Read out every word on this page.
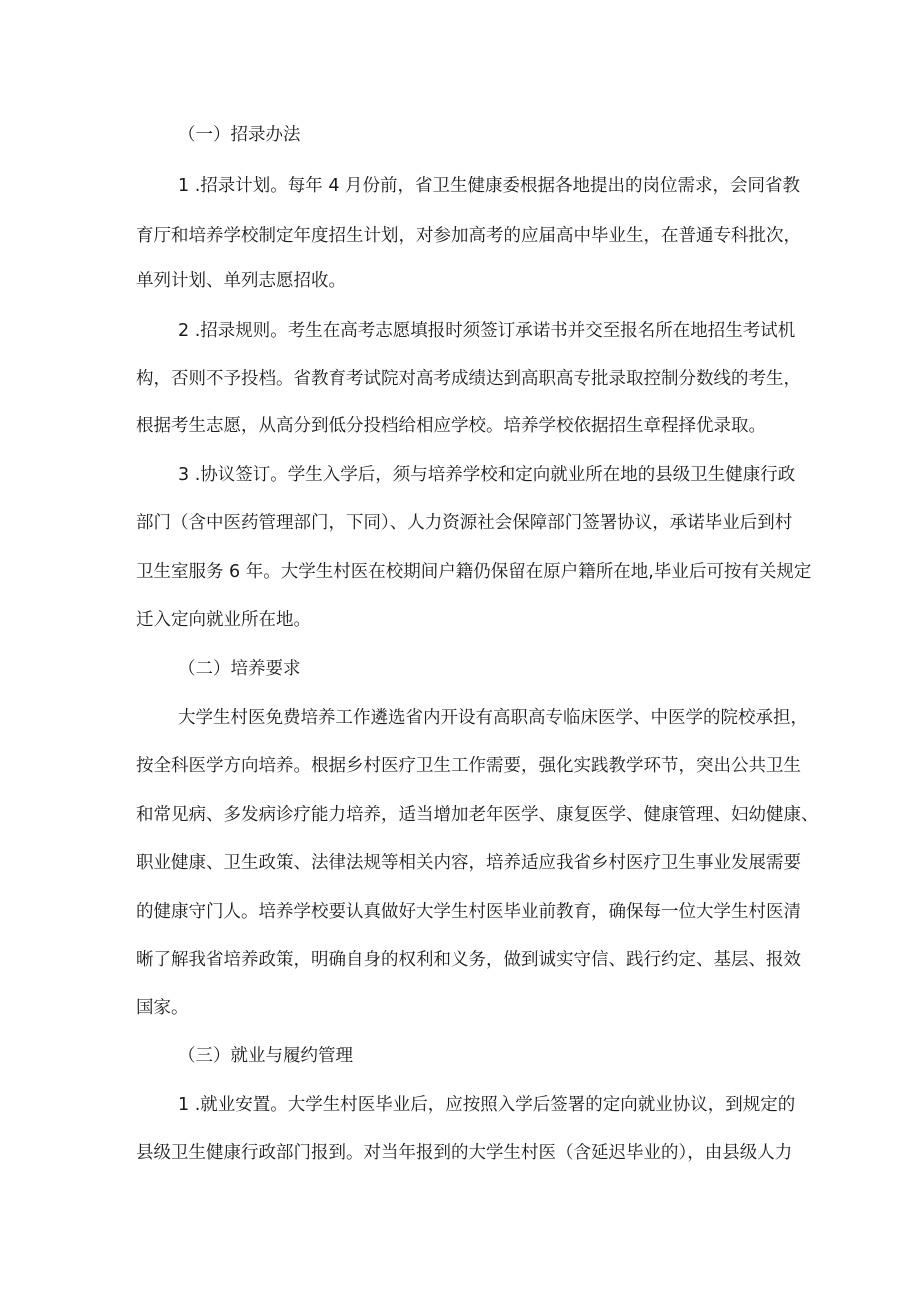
（一）招录办法
1 .招录计划。每年 4 月份前，省卫生健康委根据各地提出的岗位需求，会同省教
育厅和培养学校制定年度招生计划，对参加高考的应届高中毕业生，在普通专科批次，
单列计划、单列志愿招收。
2 .招录规则。考生在高考志愿填报时须签订承诺书并交至报名所在地招生考试机
构，否则不予投档。省教育考试院对高考成绩达到高职高专批录取控制分数线的考生，
根据考生志愿，从高分到低分投档给相应学校。培养学校依据招生章程择优录取。
3 .协议签订。学生入学后，须与培养学校和定向就业所在地的县级卫生健康行政
部门（含中医药管理部门，下同）、人力资源社会保障部门签署协议，承诺毕业后到村
卫生室服务 6 年。大学生村医在校期间户籍仍保留在原户籍所在地,毕业后可按有关规定
迁入定向就业所在地。
（二）培养要求
大学生村医免费培养工作遴选省内开设有高职高专临床医学、中医学的院校承担，
按全科医学方向培养。根据乡村医疗卫生工作需要，强化实践教学环节，突出公共卫生
和常见病、多发病诊疗能力培养，适当增加老年医学、康复医学、健康管理、妇幼健康、
职业健康、卫生政策、法律法规等相关内容，培养适应我省乡村医疗卫生事业发展需要
的健康守门人。培养学校要认真做好大学生村医毕业前教育，确保每一位大学生村医清
晰了解我省培养政策，明确自身的权利和义务，做到诚实守信、践行约定、基层、报效
国家。
（三）就业与履约管理
1 .就业安置。大学生村医毕业后，应按照入学后签署的定向就业协议，到规定的
县级卫生健康行政部门报到。对当年报到的大学生村医（含延迟毕业的），由县级人力
